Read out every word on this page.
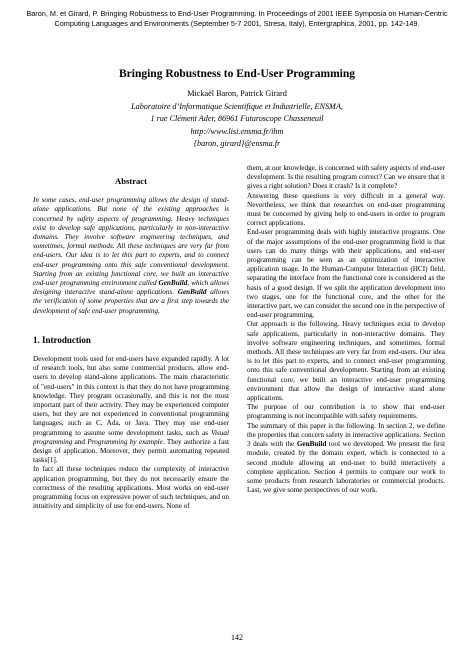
Baron, M. et Girard, P. Bringing Robustness to End-User Programming. In Proceedings of 2001 IEEE Symposia on Human-Centric Computing Languages and Environments (September 5-7 2001, Stresa, Italy), Entergraphica, 2001, pp. 142-149.
Bringing Robustness to End-User Programming
Mickaël Baron, Patrick Girard
Laboratoire d’Informatique Scientifique et Industrielle, ENSMA,
1 rue Clément Ader, 86961 Futuroscope Chasseneuil
http://www.lisi.ensma.fr/ihm
{baron, girard}@ensma.fr
Abstract

In some cases, end-user programming allows the design of stand-alone applications. But none of the existing approaches is concerned by safety aspects of programming. Heavy techniques exist to develop safe applications, particularly in non-interactive domains. They involve software engineering techniques, and sometimes, formal methods. All these techniques are very far from end-users. Our idea is to let this part to experts, and to connect end-user programming onto this safe conventional development. Starting from an existing functional core, we built an interactive end-user programming environment called GenBuild, which allows designing interactive stand-alone applications. GenBuild allows the verification of some properties that are a first step towards the development of safe end-user programming.

1. Introduction

Development tools used for end-users have expanded rapidly. A lot of research tools, but also some commercial products, allow end-users to develop stand-alone applications. The main characteristic of "end-users" in this context is that they do not have programming knowledge. They program occasionally, and this is not the most important part of their activity. They may be experienced computer users, but they are not experienced in conventional programming languages, such as C, Ada, or Java. They may use end-user programming to assume some development tasks, such as Visual programming and Programming by example. They authorize a fast design of application. Moreover, they permit automating repeated tasks[1].

In fact all these techniques reduce the complexity of interactive application programming, but they do not necessarily ensure the correctness of the resulting applications. Most works on end-user programming focus on expressive power of such techniques, and on intuitivity and simplicity of use for end-users. None of

them, at our knowledge, is concerned with safety aspects of end-user development. Is the resulting program correct? Can we ensure that it gives a right solution? Does it crash? Is it complete?

Answering these questions is very difficult in a general way. Nevertheless, we think that researches on end-user programming must be concerned by giving help to end-users in order to program correct applications.

End-user programming deals with highly interactive programs. One of the major assumptions of the end-user programming field is that users can do many things with their applications, and end-user programming can be seen as an optimization of interactive application usage. In the Human-Computer Interaction (HCI) field, separating the interface from the functional core is considered as the basis of a good design. If we split the application development into two stages, one for the functional core, and the other for the interactive part, we can consider the second one in the perspective of end-user programming.

Our approach is the following. Heavy techniques exist to develop safe applications, particularly in non-interactive domains. They involve software engineering techniques, and sometimes, formal methods. All these techniques are very far from end-users. Our idea is to let this part to experts, and to connect end-user programming onto this safe conventional development. Starting from an existing functional core, we built an interactive end-user programming environment that allow the design of interactive stand alone applications.

The purpose of our contribution is to show that end-user programming is not incompatible with safety requirements.

The summary of this paper is the following. In section 2, we define the properties that concern safety in interactive applications. Section 3 deals with the GenBuild tool we developed. We present the first module, created by the domain expert, which is connected to a second module allowing an end-user to build interactively a complete application. Section 4 permits to compare our work to some products from research laboratories or commercial products. Last, we give some perspectives of our work.

142
